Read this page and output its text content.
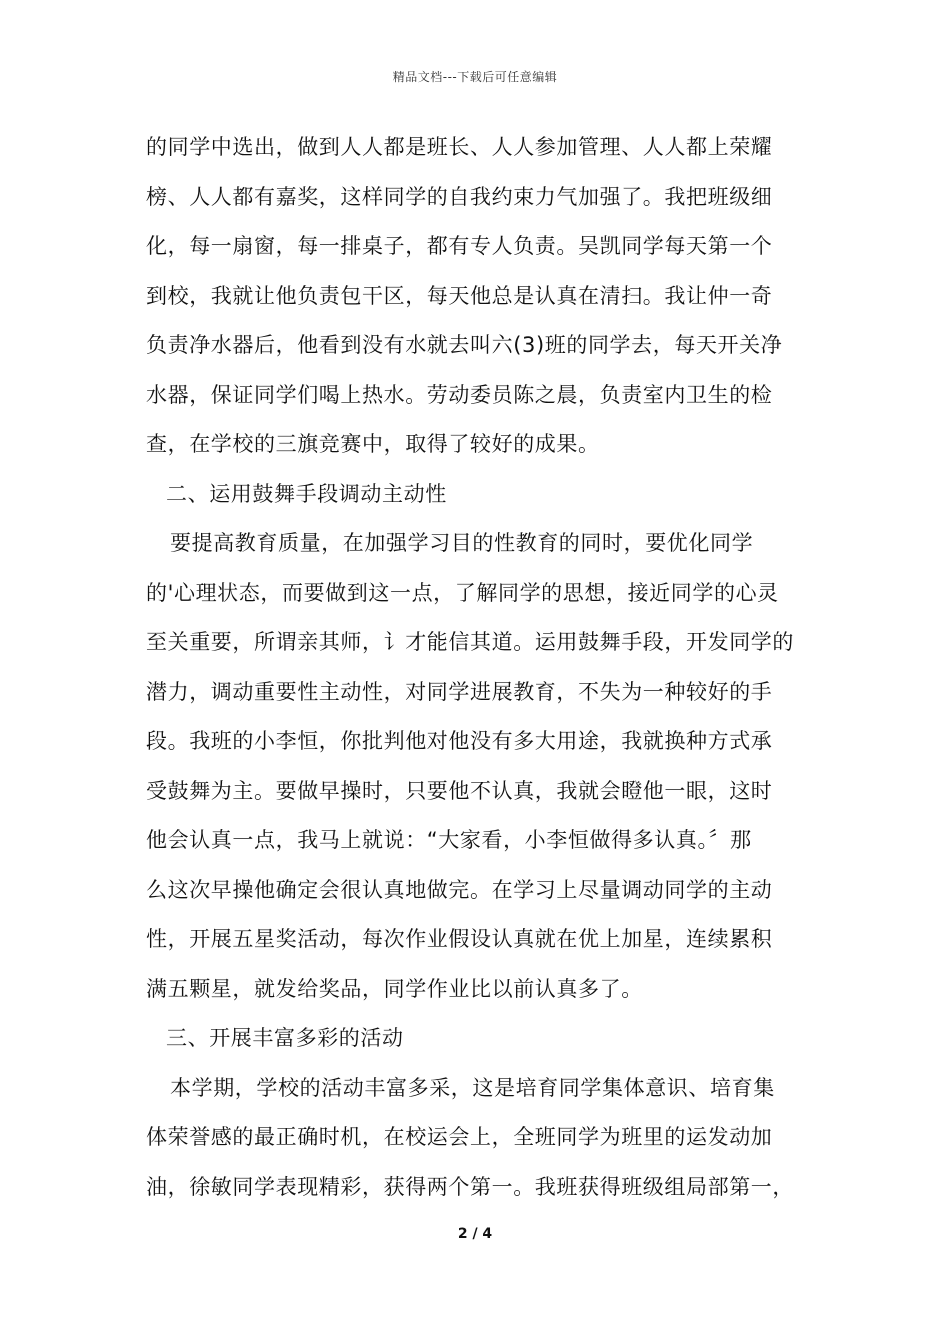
精品文档---下载后可任意编辑
的同学中选出，做到人人都是班长、人人参加管理、人人都上荣耀
榜、人人都有嘉奖，这样同学的自我约束力气加强了。我把班级细
化，每一扇窗，每一排桌子，都有专人负责。吴凯同学每天第一个
到校，我就让他负责包干区，每天他总是认真在清扫。我让仲一奇
负责净水器后，他看到没有水就去叫六(3)班的同学去，每天开关净
水器，保证同学们喝上热水。劳动委员陈之晨，负责室内卫生的检
查，在学校的三旗竞赛中，取得了较好的成果。
二、运用鼓舞手段调动主动性
要提高教育质量，在加强学习目的性教育的同时，要优化同学
的'心理状态，而要做到这一点，了解同学的思想，接近同学的心灵
至关重要，所谓亲其师，讠才能信其道。运用鼓舞手段，开发同学的
潜力，调动重要性主动性，对同学进展教育，不失为一种较好的手
段。我班的小李恒，你批判他对他没有多大用途，我就换种方式承
受鼓舞为主。要做早操时，只要他不认真，我就会瞪他一眼，这时
他会认真一点，我马上就说：“大家看，小李恒做得多认真。〞那
么这次早操他确定会很认真地做完。在学习上尽量调动同学的主动
性，开展五星奖活动，每次作业假设认真就在优上加星，连续累积
满五颗星，就发给奖品，同学作业比以前认真多了。
三、开展丰富多彩的活动
本学期，学校的活动丰富多采，这是培育同学集体意识、培育集
体荣誉感的最正确时机，在校运会上，全班同学为班里的运发动加
油，徐敏同学表现精彩，获得两个第一。我班获得班级组局部第一，
2 / 4
